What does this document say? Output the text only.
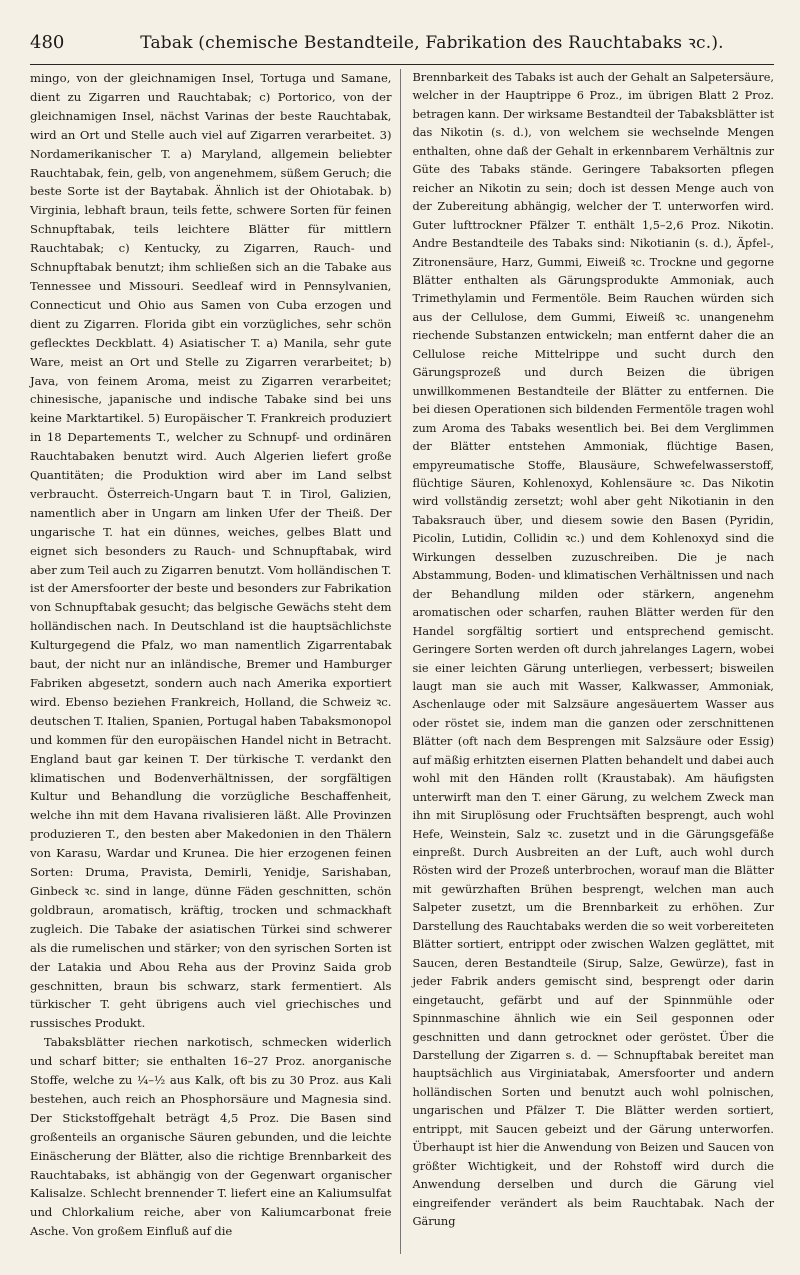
480	Tabak (chemische Bestandteile, Fabrikation des Rauchtabaks ꝛc.).

mingo, von der gleichnamigen Insel, Tortuga und Samane, dient zu Zigarren und Rauchtabak; c) Portorico, von der gleichnamigen Insel, nächst Varinas der beste Rauchtabak, wird an Ort und Stelle auch viel auf Zigarren verarbeitet. 3) Nordamerikanischer T. a) Maryland, allgemein beliebter Rauchtabak, fein, gelb, von angenehmem, süßem Geruch; die beste Sorte ist der Baytabak. Ähnlich ist der Ohiotabak. b) Virginia, lebhaft braun, teils fette, schwere Sorten für feinen Schnupftabak, teils leichtere Blätter für mittlern Rauchtabak; c) Kentucky, zu Zigarren, Rauch- und Schnupftabak benutzt; ihm schließen sich an die Tabake aus Tennessee und Missouri. Seedleaf wird in Pennsylvanien, Connecticut und Ohio aus Samen von Cuba erzogen und dient zu Zigarren. Florida gibt ein vorzügliches, sehr schön geflecktes Deckblatt. 4) Asiatischer T. a) Manila, sehr gute Ware, meist an Ort und Stelle zu Zigarren verarbeitet; b) Java, von feinem Aroma, meist zu Zigarren verarbeitet; chinesische, japanische und indische Tabake sind bei uns keine Marktartikel. 5) Europäischer T. Frankreich produziert in 18 Departements T., welcher zu Schnupf- und ordinären Rauchtabaken benutzt wird. Auch Algerien liefert große Quantitäten; die Produktion wird aber im Land selbst verbraucht. Österreich-Ungarn baut T. in Tirol, Galizien, namentlich aber in Ungarn am linken Ufer der Theiß. Der ungarische T. hat ein dünnes, weiches, gelbes Blatt und eignet sich besonders zu Rauch- und Schnupftabak, wird aber zum Teil auch zu Zigarren benutzt. Vom holländischen T. ist der Amersfoorter der beste und besonders zur Fabrikation von Schnupftabak gesucht; das belgische Gewächs steht dem holländischen nach. In Deutschland ist die hauptsächlichste Kulturgegend die Pfalz, wo man namentlich Zigarrentabak baut, der nicht nur an inländische, Bremer und Hamburger Fabriken abgesetzt, sondern auch nach Amerika exportiert wird. Ebenso beziehen Frankreich, Holland, die Schweiz ꝛc. deutschen T. Italien, Spanien, Portugal haben Tabaksmonopol und kommen für den europäischen Handel nicht in Betracht. England baut gar keinen T. Der türkische T. verdankt den klimatischen und Bodenverhältnissen, der sorgfältigen Kultur und Behandlung die vorzügliche Beschaffenheit, welche ihn mit dem Havana rivalisieren läßt. Alle Provinzen produzieren T., den besten aber Makedonien in den Thälern von Karasu, Wardar und Krunea. Die hier erzogenen feinen Sorten: Druma, Pravista, Demirli, Yenidje, Sarishaban, Ginbeck ꝛc. sind in lange, dünne Fäden geschnitten, schön goldbraun, aromatisch, kräftig, trocken und schmackhaft zugleich. Die Tabake der asiatischen Türkei sind schwerer als die rumelischen und stärker; von den syrischen Sorten ist der Latakia und Abou Reha aus der Provinz Saida grob geschnitten, braun bis schwarz, stark fermentiert. Als türkischer T. geht übrigens auch viel griechisches und russisches Produkt.

Tabaksblätter riechen narkotisch, schmecken widerlich und scharf bitter; sie enthalten 16–27 Proz. anorganische Stoffe, welche zu ¼–½ aus Kalk, oft bis zu 30 Proz. aus Kali bestehen, auch reich an Phosphorsäure und Magnesia sind. Der Stickstoffgehalt beträgt 4,5 Proz. Die Basen sind großenteils an organische Säuren gebunden, und die leichte Einäscherung der Blätter, also die richtige Brennbarkeit des Rauchtabaks, ist abhängig von der Gegenwart organischer Kalisalze. Schlecht brennender T. liefert eine an Kaliumsulfat und Chlorkalium reiche, aber von Kaliumcarbonat freie Asche. Von großem Einfluß auf die

Brennbarkeit des Tabaks ist auch der Gehalt an Salpetersäure, welcher in der Hauptrippe 6 Proz., im übrigen Blatt 2 Proz. betragen kann. Der wirksame Bestandteil der Tabaksblätter ist das Nikotin (s. d.), von welchem sie wechselnde Mengen enthalten, ohne daß der Gehalt in erkennbarem Verhältnis zur Güte des Tabaks stände. Geringere Tabaksorten pflegen reicher an Nikotin zu sein; doch ist dessen Menge auch von der Zubereitung abhängig, welcher der T. unterworfen wird. Guter lufttrockner Pfälzer T. enthält 1,5–2,6 Proz. Nikotin. Andre Bestandteile des Tabaks sind: Nikotianin (s. d.), Äpfel-, Zitronensäure, Harz, Gummi, Eiweiß ꝛc. Trockne und gegorne Blätter enthalten als Gärungsprodukte Ammoniak, auch Trimethylamin und Fermentöle. Beim Rauchen würden sich aus der Cellulose, dem Gummi, Eiweiß ꝛc. unangenehm riechende Substanzen entwickeln; man entfernt daher die an Cellulose reiche Mittelrippe und sucht durch den Gärungsprozeß und durch Beizen die übrigen unwillkommenen Bestandteile der Blätter zu entfernen. Die bei diesen Operationen sich bildenden Fermentöle tragen wohl zum Aroma des Tabaks wesentlich bei. Bei dem Verglimmen der Blätter entstehen Ammoniak, flüchtige Basen, empyreumatische Stoffe, Blausäure, Schwefelwasserstoff, flüchtige Säuren, Kohlenoxyd, Kohlensäure ꝛc. Das Nikotin wird vollständig zersetzt; wohl aber geht Nikotianin in den Tabaksrauch über, und diesem sowie den Basen (Pyridin, Picolin, Lutidin, Collidin ꝛc.) und dem Kohlenoxyd sind die Wirkungen desselben zuzuschreiben. Die je nach Abstammung, Boden- und klimatischen Verhältnissen und nach der Behandlung milden oder stärkern, angenehm aromatischen oder scharfen, rauhen Blätter werden für den Handel sorgfältig sortiert und entsprechend gemischt. Geringere Sorten werden oft durch jahrelanges Lagern, wobei sie einer leichten Gärung unterliegen, verbessert; bisweilen laugt man sie auch mit Wasser, Kalkwasser, Ammoniak, Aschenlauge oder mit Salzsäure angesäuertem Wasser aus oder röstet sie, indem man die ganzen oder zerschnittenen Blätter (oft nach dem Besprengen mit Salzsäure oder Essig) auf mäßig erhitzten eisernen Platten behandelt und dabei auch wohl mit den Händen rollt (Kraustabak). Am häufigsten unterwirft man den T. einer Gärung, zu welchem Zweck man ihn mit Siruplösung oder Fruchtsäften besprengt, auch wohl Hefe, Weinstein, Salz ꝛc. zusetzt und in die Gärungsgefäße einpreßt. Durch Ausbreiten an der Luft, auch wohl durch Rösten wird der Prozeß unterbrochen, worauf man die Blätter mit gewürzhaften Brühen besprengt, welchen man auch Salpeter zusetzt, um die Brennbarkeit zu erhöhen. Zur Darstellung des Rauchtabaks werden die so weit vorbereiteten Blätter sortiert, entrippt oder zwischen Walzen geglättet, mit Saucen, deren Bestandteile (Sirup, Salze, Gewürze), fast in jeder Fabrik anders gemischt sind, besprengt oder darin eingetaucht, gefärbt und auf der Spinnmühle oder Spinnmaschine ähnlich wie ein Seil gesponnen oder geschnitten und dann getrocknet oder geröstet. Über die Darstellung der Zigarren s. d. — Schnupftabak bereitet man hauptsächlich aus Virginiatabak, Amersfoorter und andern holländischen Sorten und benutzt auch wohl polnischen, ungarischen und Pfälzer T. Die Blätter werden sortiert, entrippt, mit Saucen gebeizt und der Gärung unterworfen. Überhaupt ist hier die Anwendung von Beizen und Saucen von größter Wichtigkeit, und der Rohstoff wird durch die Anwendung derselben und durch die Gärung viel eingreifender verändert als beim Rauchtabak. Nach der Gärung
